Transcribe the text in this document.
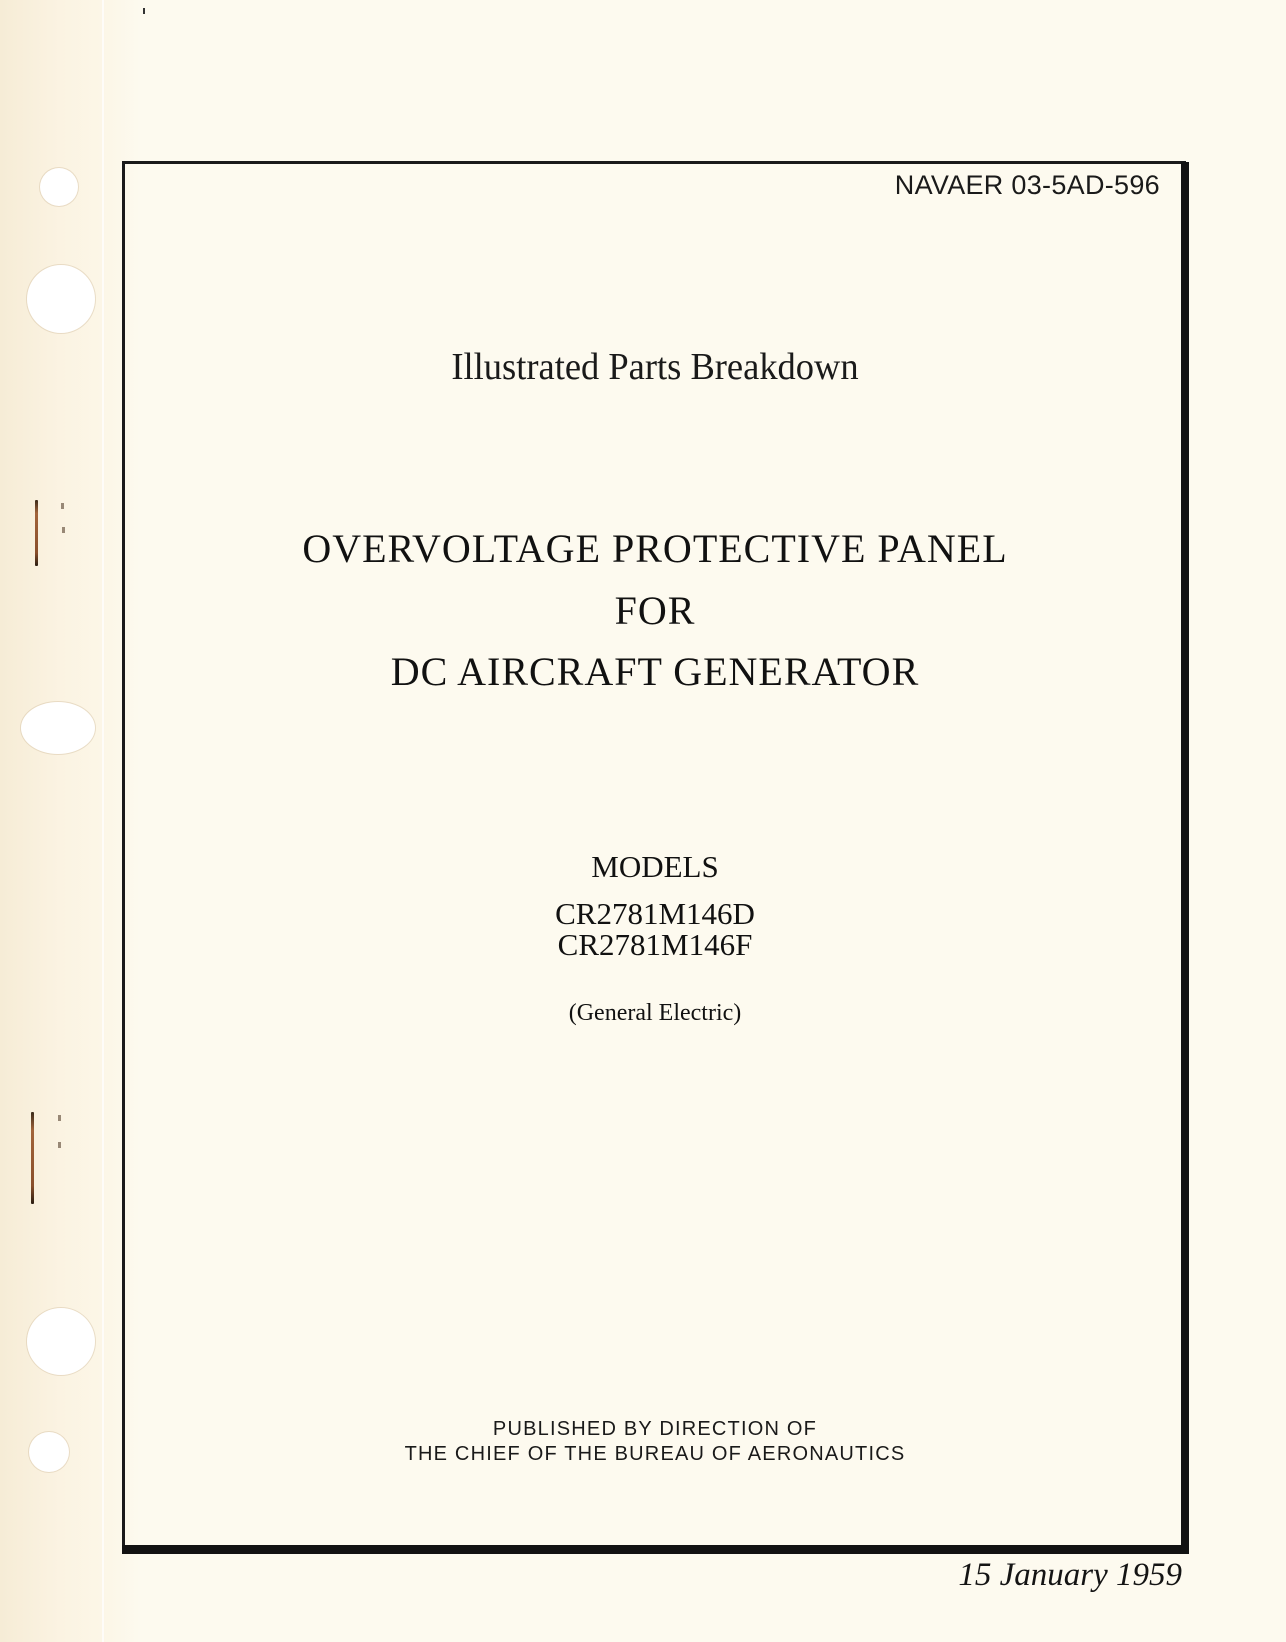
NAVAER 03-5AD-596
Illustrated Parts Breakdown
OVERVOLTAGE PROTECTIVE PANEL
FOR
DC AIRCRAFT GENERATOR
MODELS
CR2781M146D
CR2781M146F
(General Electric)
PUBLISHED BY DIRECTION OF
THE CHIEF OF THE BUREAU OF AERONAUTICS
15 January 1959
